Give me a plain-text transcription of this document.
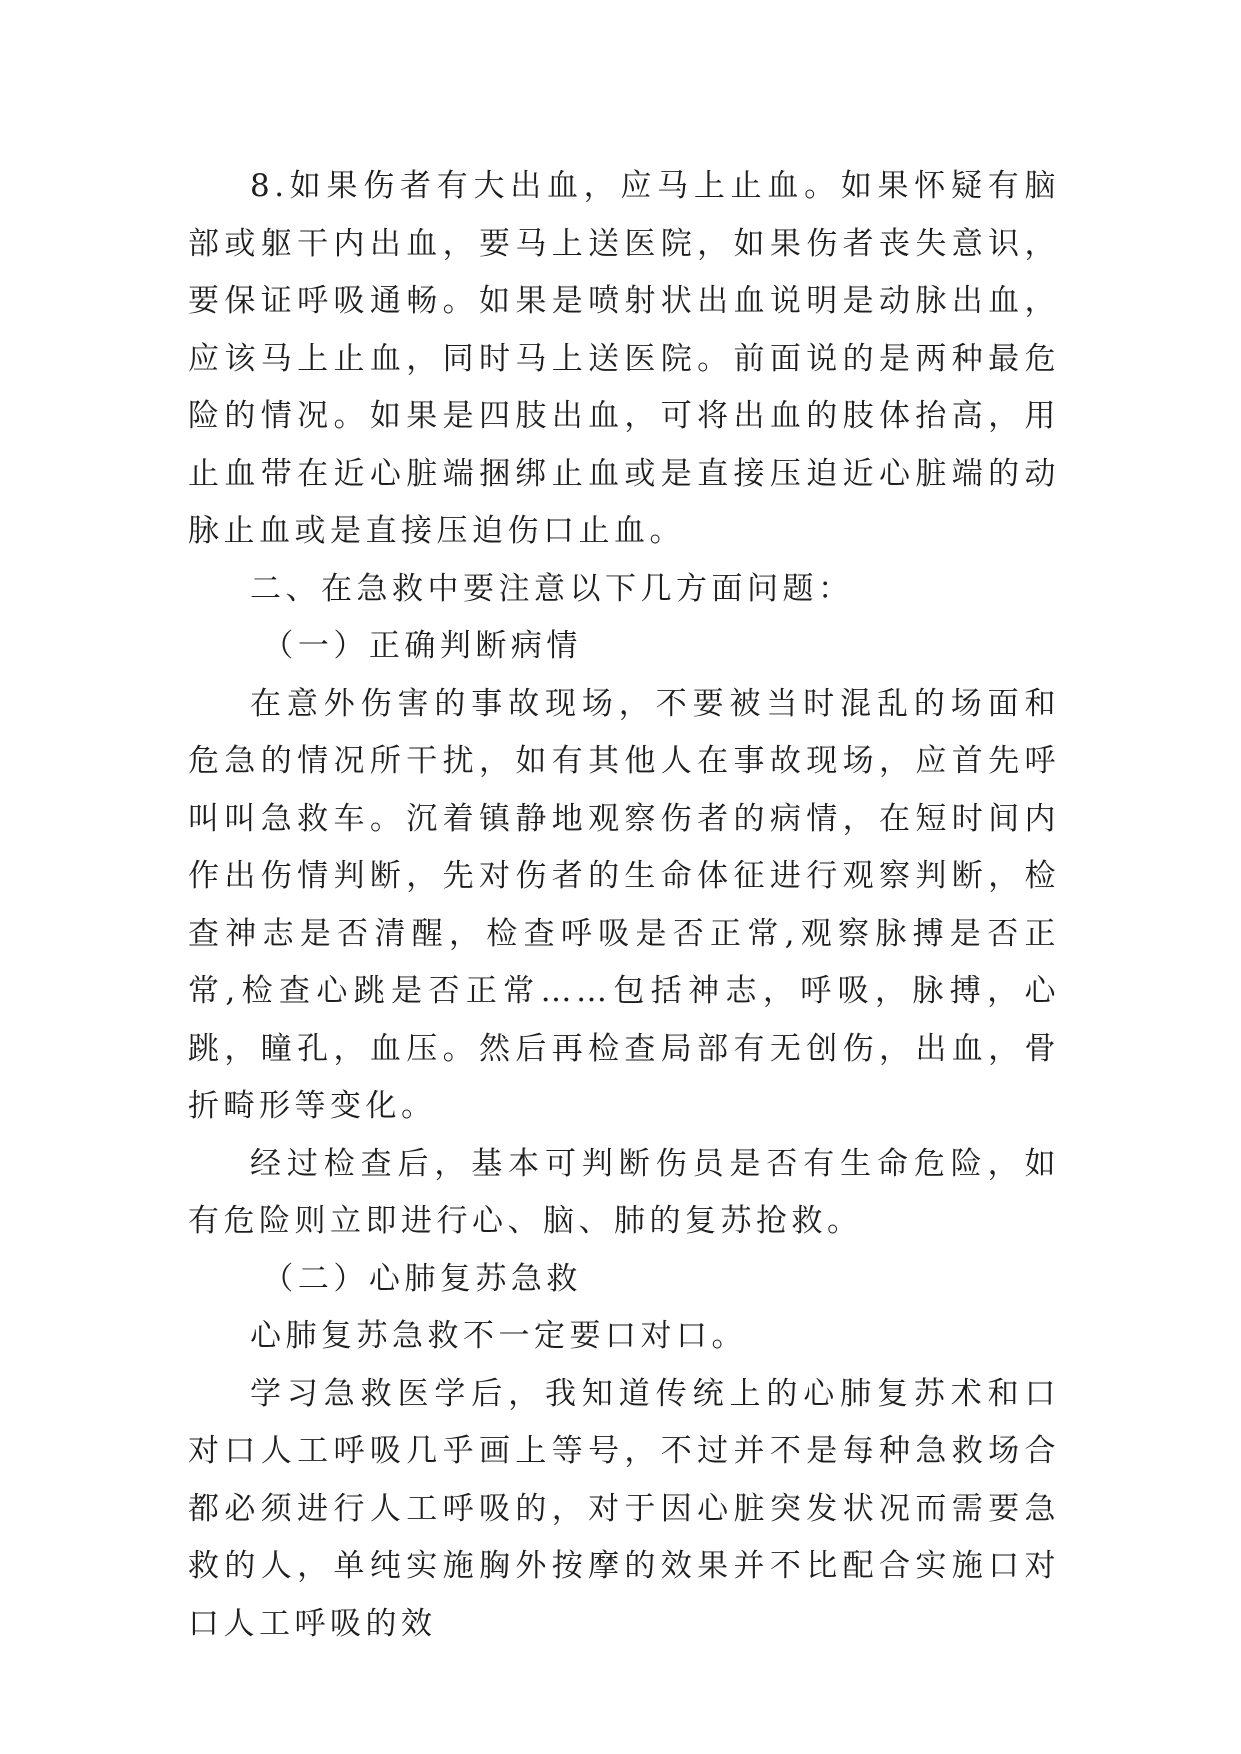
8.如果伤者有大出血，应马上止血。如果怀疑有脑部或躯干内出血，要马上送医院，如果伤者丧失意识，要保证呼吸通畅。如果是喷射状出血说明是动脉出血，应该马上止血，同时马上送医院。前面说的是两种最危险的情况。如果是四肢出血，可将出血的肢体抬高，用止血带在近心脏端捆绑止血或是直接压迫近心脏端的动脉止血或是直接压迫伤口止血。

二、在急救中要注意以下几方面问题：

（一）正确判断病情

在意外伤害的事故现场，不要被当时混乱的场面和危急的情况所干扰，如有其他人在事故现场，应首先呼叫叫急救车。沉着镇静地观察伤者的病情，在短时间内作出伤情判断，先对伤者的生命体征进行观察判断，检查神志是否清醒，检查呼吸是否正常,观察脉搏是否正常,检查心跳是否正常……包括神志，呼吸，脉搏，心跳，瞳孔，血压。然后再检查局部有无创伤，出血，骨折畸形等变化。

经过检查后，基本可判断伤员是否有生命危险，如有危险则立即进行心、脑、肺的复苏抢救。

（二）心肺复苏急救

心肺复苏急救不一定要口对口。

学习急救医学后，我知道传统上的心肺复苏术和口对口人工呼吸几乎画上等号，不过并不是每种急救场合都必须进行人工呼吸的，对于因心脏突发状况而需要急救的人，单纯实施胸外按摩的效果并不比配合实施口对口人工呼吸的效
